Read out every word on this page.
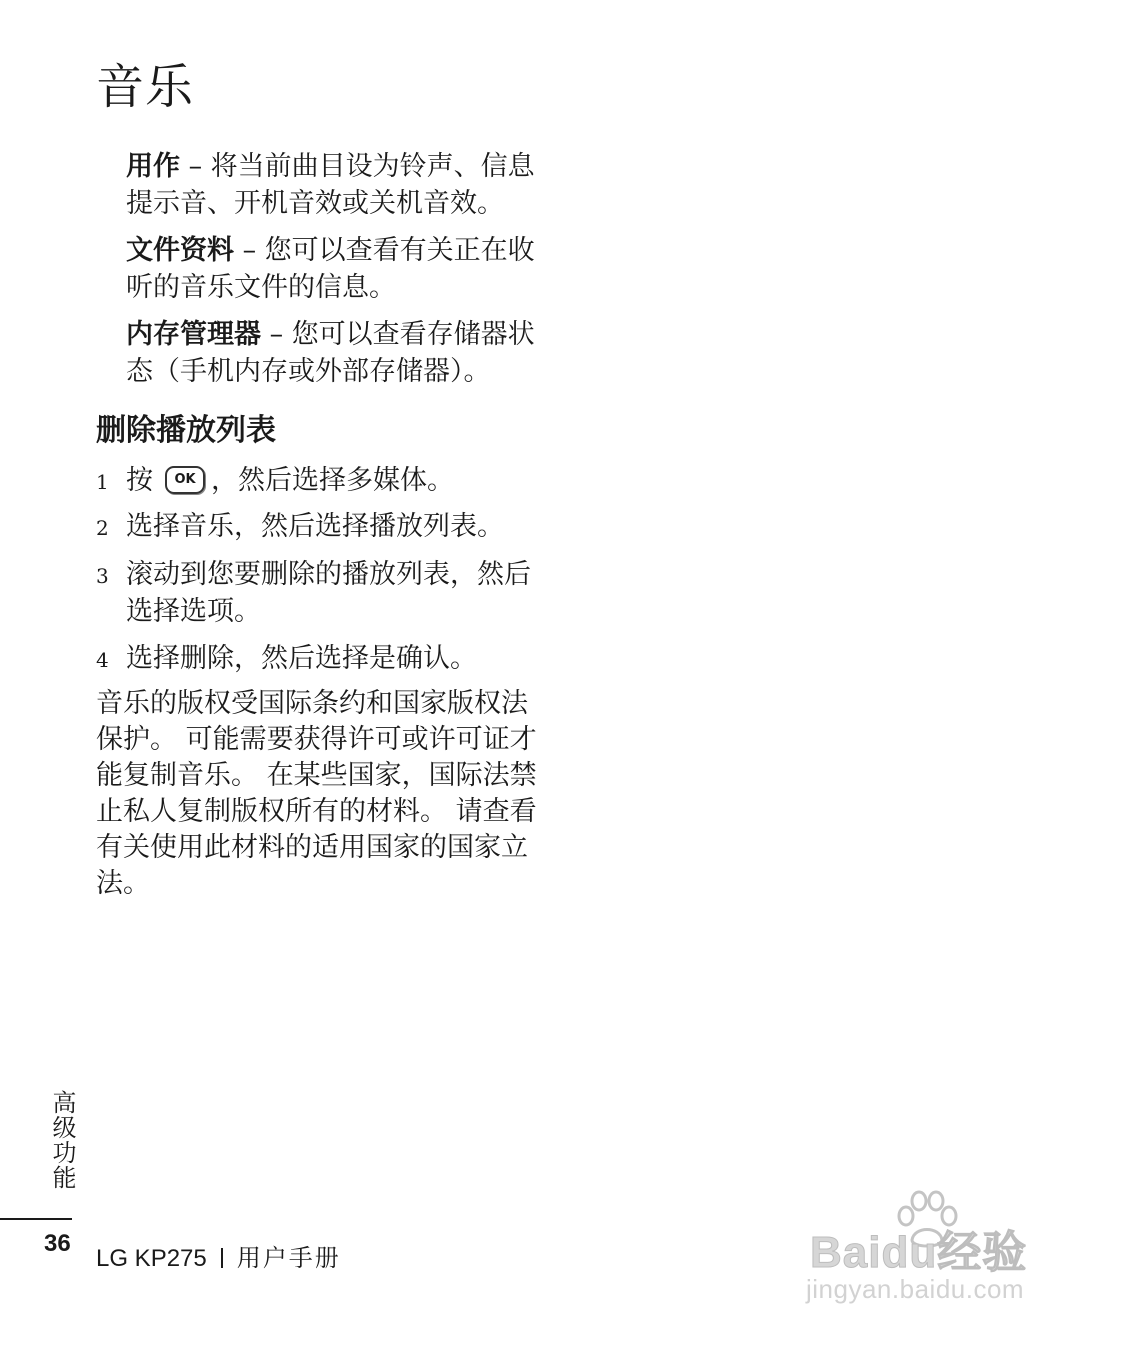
音乐

用作 – 将当前曲目设为铃声、信息提示音、开机音效或关机音效。

文件资料 – 您可以查看有关正在收听的音乐文件的信息。

内存管理器 – 您可以查看存储器状态（手机内存或外部存储器）。

删除播放列表
1 按 OK ，然后选择多媒体。
2 选择音乐，然后选择播放列表。
3 滚动到您要删除的播放列表，然后选择选项。
4 选择删除，然后选择是确认。

音乐的版权受国际条约和国家版权法保护。 可能需要获得许可或许可证才能复制音乐。 在某些国家，国际法禁止私人复制版权所有的材料。 请查看有关使用此材料的适用国家的国家立法。

高级功能
36
LG KP275 用户手册	Baidu经验
jingyan.baidu.com
